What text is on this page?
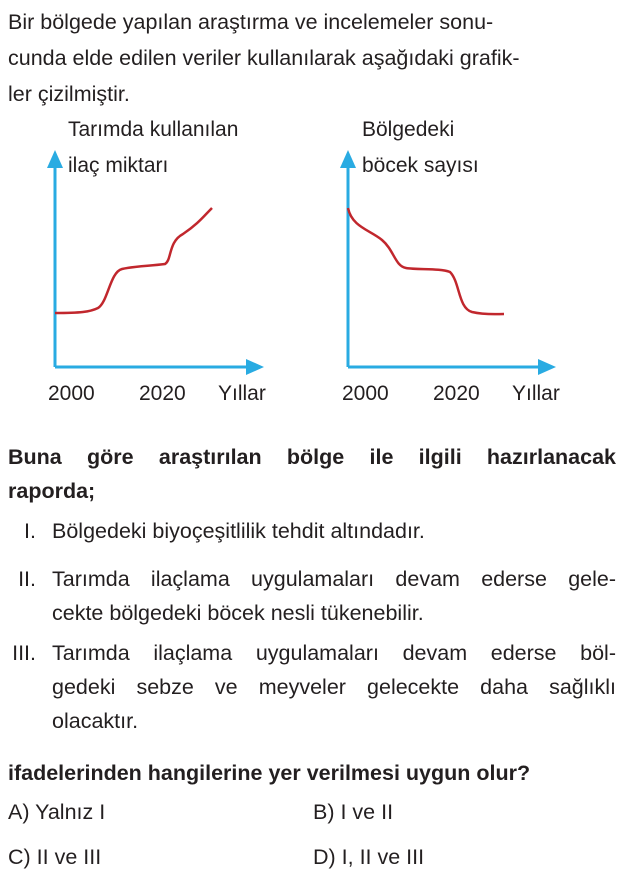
Bir bölgede yapılan araştırma ve incelemeler sonu-
cunda elde edilen veriler kullanılarak aşağıdaki grafik-
ler çizilmiştir.
Tarımda kullanılan
ilaç miktarı
2000 2020 Yıllar
Bölgedeki
böcek sayısı
2000 2020 Yıllar
Buna göre araştırılan bölge ile ilgili hazırlanacak
raporda;
I. Bölgedeki biyoçeşitlilik tehdit altındadır.
II. Tarımda ilaçlama uygulamaları devam ederse gele-
cekte bölgedeki böcek nesli tükenebilir.
III. Tarımda ilaçlama uygulamaları devam ederse böl-
gedeki sebze ve meyveler gelecekte daha sağlıklı
olacaktır.
ifadelerinden hangilerine yer verilmesi uygun olur?
A) Yalnız I	B) I ve II
C) II ve III	D) I, II ve III
